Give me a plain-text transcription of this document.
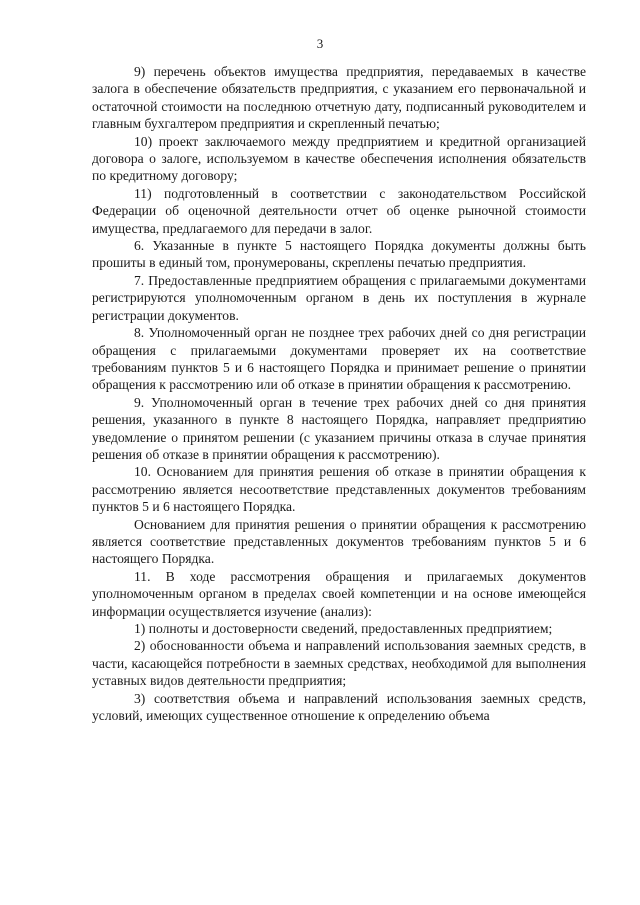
3

9) перечень объектов имущества предприятия, передаваемых в качестве залога в обеспечение обязательств предприятия, с указанием его первоначальной и остаточной стоимости на последнюю отчетную дату, подписанный руководителем и главным бухгалтером предприятия и скрепленный печатью;

10) проект заключаемого между предприятием и кредитной организацией договора о залоге, используемом в качестве обеспечения исполнения обязательств по кредитному договору;

11) подготовленный в соответствии с законодательством Российской Федерации об оценочной деятельности отчет об оценке рыночной стоимости имущества, предлагаемого для передачи в залог.

6. Указанные в пункте 5 настоящего Порядка документы должны быть прошиты в единый том, пронумерованы, скреплены печатью предприятия.

7. Предоставленные предприятием обращения с прилагаемыми документами регистрируются уполномоченным органом в день их поступления в журнале регистрации документов.

8. Уполномоченный орган не позднее трех рабочих дней со дня регистрации обращения с прилагаемыми документами проверяет их на соответствие требованиям пунктов 5 и 6 настоящего Порядка и принимает решение о принятии обращения к рассмотрению или об отказе в принятии обращения к рассмотрению.

9. Уполномоченный орган в течение трех рабочих дней со дня принятия решения, указанного в пункте 8 настоящего Порядка, направляет предприятию уведомление о принятом решении (с указанием причины отказа в случае принятия решения об отказе в принятии обращения к рассмотрению).

10. Основанием для принятия решения об отказе в принятии обращения к рассмотрению является несоответствие представленных документов требованиям пунктов 5 и 6 настоящего Порядка.

Основанием для принятия решения о принятии обращения к рассмотрению является соответствие представленных документов требованиям пунктов 5 и 6 настоящего Порядка.

11. В ходе рассмотрения обращения и прилагаемых документов уполномоченным органом в пределах своей компетенции и на основе имеющейся информации осуществляется изучение (анализ):

1) полноты и достоверности сведений, предоставленных предприятием;

2) обоснованности объема и направлений использования заемных средств, в части, касающейся потребности в заемных средствах, необходимой для выполнения уставных видов деятельности предприятия;

3) соответствия объема и направлений использования заемных средств, условий, имеющих существенное отношение к определению объема
